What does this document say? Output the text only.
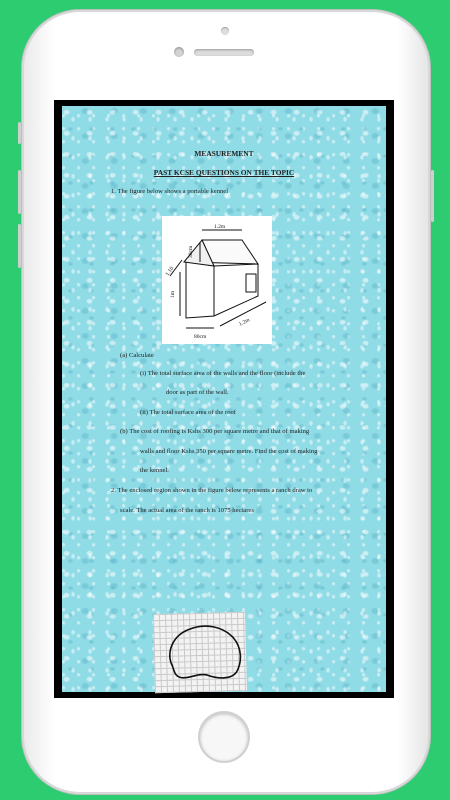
MEASUREMENT
PAST KCSE QUESTIONS ON THE TOPIC
1. The figure below shows a portable kennel
1.2m
30cm
1.10
1m
1.2m
80cm
(a) Calculate
(i) The total surface area of the walls and the floor (include the
door as part of the wall.
(ii) The total surface area of the roof
(b) The cost of roofing is Kshs 300 per square metre and that of making
walls and floor Kshs 350 per square metre. Find the cost of making
the kennel.
2. The enclosed region shown in the figure below represents a ranch draw to
scale. The actual area of the ranch is 1075 hectares
